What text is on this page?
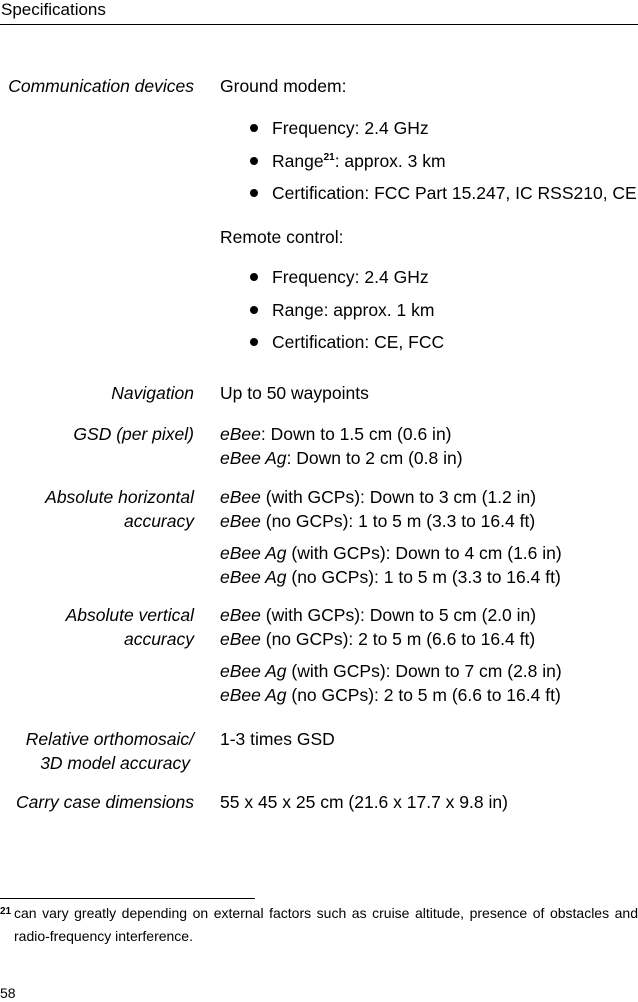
Specifications
Communication devices Ground modem:
Frequency: 2.4 GHz
Range$^{21}$: approx. 3 km
Certification: FCC Part 15.247, IC RSS210, CE
Remote control:
Frequency: 2.4 GHz
Range: approx. 1 km
Certification: CE, FCC
Navigation Up to 50 waypoints
GSD (per pixel) eBee: Down to 1.5 cm (0.6 in)
eBee Ag: Down to 2 cm (0.8 in)
Absolute horizontal
accuracy
eBee (with GCPs): Down to 3 cm (1.2 in)
eBee (no GCPs): 1 to 5 m (3.3 to 16.4 ft)
eBee Ag (with GCPs): Down to 4 cm (1.6 in)
eBee Ag (no GCPs): 1 to 5 m (3.3 to 16.4 ft)
Absolute vertical
accuracy
eBee (with GCPs): Down to 5 cm (2.0 in)
eBee (no GCPs): 2 to 5 m (6.6 to 16.4 ft)
eBee Ag (with GCPs): Down to 7 cm (2.8 in)
eBee Ag (no GCPs): 2 to 5 m (6.6 to 16.4 ft)
Relative orthomosaic/
3D model accuracy
1-3 times GSD
Carry case dimensions 55 x 45 x 25 cm (21.6 x 17.7 x 9.8 in)
21 can vary greatly depending on external factors such as cruise altitude, presence of obstacles and radio-frequency interference.
58
